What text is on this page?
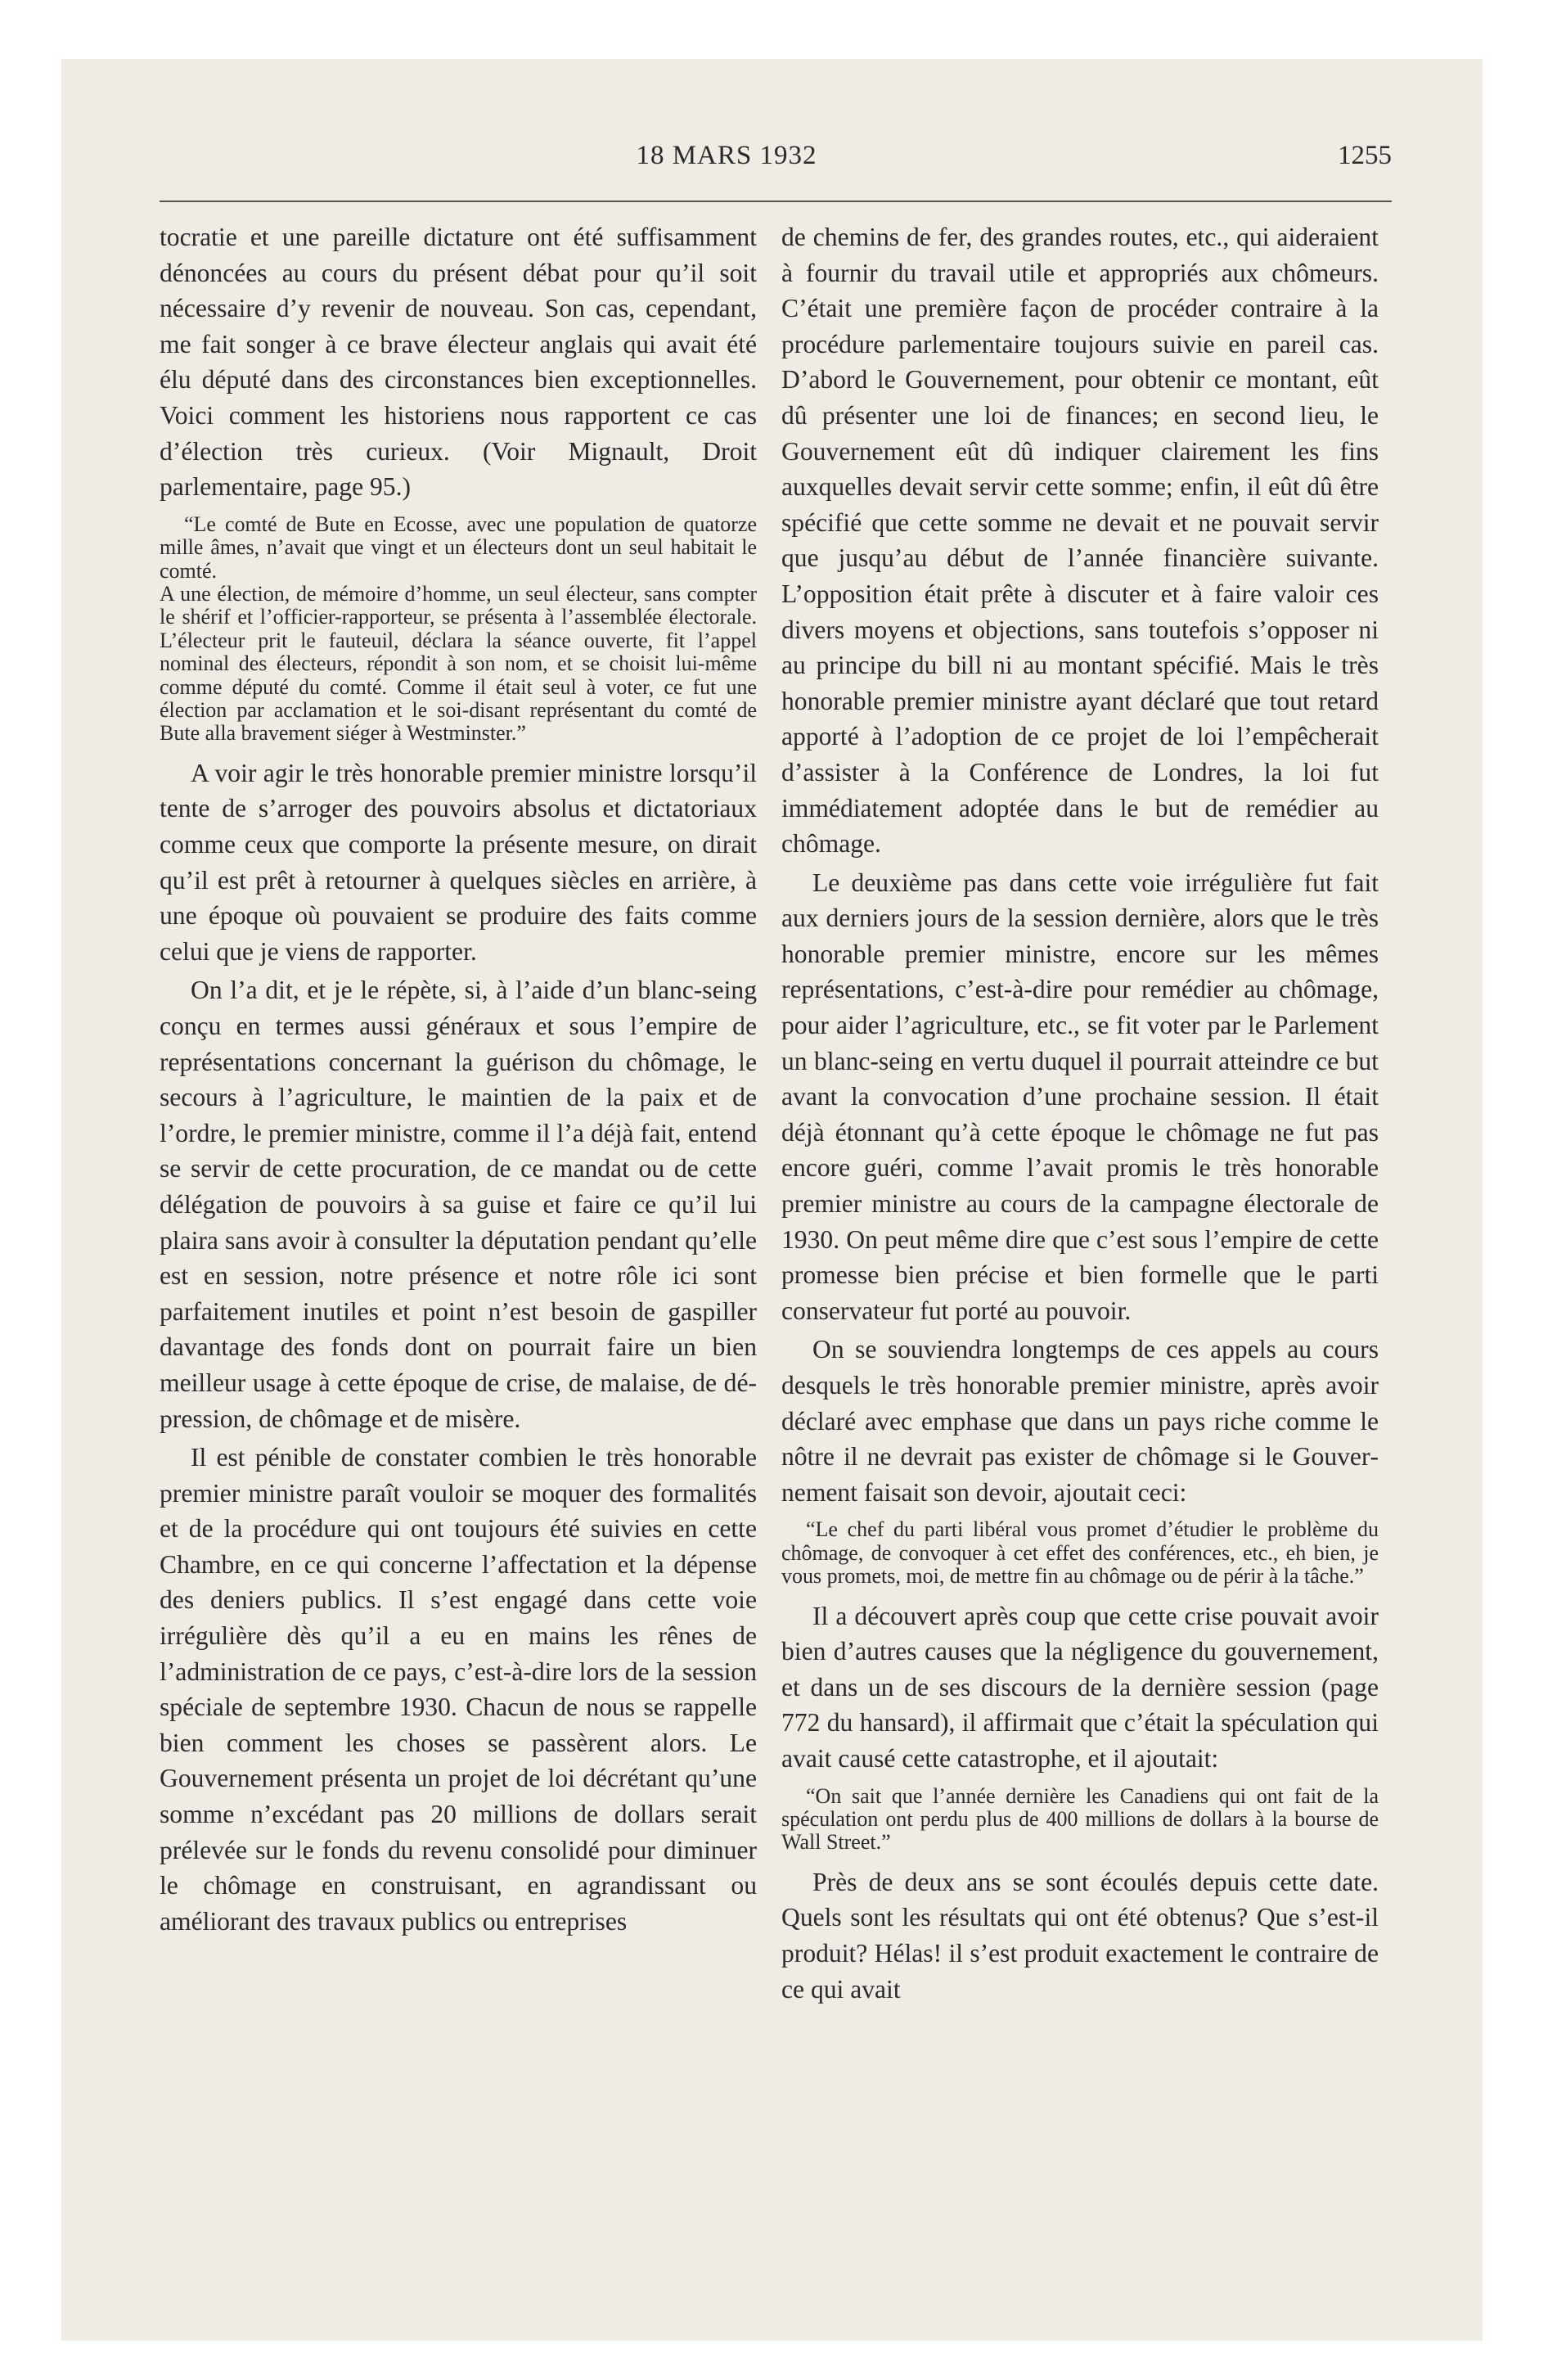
18 MARS 1932	1255

tocratie et une pareille dictature ont été suffisamment dénoncées au cours du présent débat pour qu’il soit nécessaire d’y revenir de nouveau. Son cas, cependant, me fait songer à ce brave électeur anglais qui avait été élu député dans des circonstances bien exceptionnelles. Voici comment les historiens nous rapportent ce cas d’élection très curieux. (Voir Mignault, Droit parlementaire, page 95.)

“Le comté de Bute en Ecosse, avec une population de quatorze mille âmes, n’avait que vingt et un électeurs dont un seul habitait le comté.

A une élection, de mémoire d’homme, un seul électeur, sans compter le shérif et l’officier-rapporteur, se présenta à l’assemblée électorale. L’électeur prit le fauteuil, déclara la séance ouverte, fit l’appel nominal des électeurs, répondit à son nom, et se choisit lui-même comme député du comté. Comme il était seul à voter, ce fut une élection par acclamation et le soi-disant représentant du comté de Bute alla bravement siéger à Westminster.”

A voir agir le très honorable premier ministre lorsqu’il tente de s’arroger des pouvoirs absolus et dictatoriaux comme ceux que comporte la présente mesure, on dirait qu’il est prêt à retourner à quelques siècles en arrière, à une époque où pouvaient se produire des faits comme celui que je viens de rapporter.

On l’a dit, et je le répète, si, à l’aide d’un blanc-seing conçu en termes aussi généraux et sous l’empire de représentations concernant la guérison du chômage, le secours à l’agriculture, le maintien de la paix et de l’ordre, le premier ministre, comme il l’a déjà fait, entend se servir de cette procuration, de ce mandat ou de cette délégation de pouvoirs à sa guise et faire ce qu’il lui plaira sans avoir à consulter la députation pendant qu’elle est en session, notre présence et notre rôle ici sont parfaitement inutiles et point n’est besoin de gaspiller davantage des fonds dont on pourrait faire un bien meilleur usage à cette époque de crise, de malaise, de dépression, de chômage et de misère.

Il est pénible de constater combien le très honorable premier ministre paraît vouloir se moquer des formalités et de la procédure qui ont toujours été suivies en cette Chambre, en ce qui concerne l’affectation et la dépense des deniers publics. Il s’est engagé dans cette voie irrégulière dès qu’il a eu en mains les rênes de l’administration de ce pays, c’est-à-dire lors de la session spéciale de septembre 1930. Chacun de nous se rappelle bien comment les choses se passèrent alors. Le Gouvernement présenta un projet de loi décrétant qu’une somme n’excédant pas 20 millions de dollars serait prélevée sur le fonds du revenu consolidé pour diminuer le chômage en construisant, en agrandissant ou améliorant des travaux publics ou entreprises

de chemins de fer, des grandes routes, etc., qui aideraient à fournir du travail utile et appropriés aux chômeurs. C’était une première façon de procéder contraire à la procédure parlementaire toujours suivie en pareil cas. D’abord le Gouvernement, pour obtenir ce montant, eût dû présenter une loi de finances; en second lieu, le Gouvernement eût dû indiquer clairement les fins auxquelles devait servir cette somme; enfin, il eût dû être spécifié que cette somme ne devait et ne pouvait servir que jusqu’au début de l’année financière suivante. L’opposition était prête à discuter et à faire valoir ces divers moyens et objections, sans toutefois s’opposer ni au principe du bill ni au montant spécifié. Mais le très honorable premier ministre ayant déclaré que tout retard apporté à l’adoption de ce projet de loi l’empêcherait d’assister à la Conférence de Londres, la loi fut immédiatement adoptée dans le but de remédier au chômage.

Le deuxième pas dans cette voie irrégulière fut fait aux derniers jours de la session dernière, alors que le très honorable premier ministre, encore sur les mêmes représentations, c’est-à-dire pour remédier au chômage, pour aider l’agriculture, etc., se fit voter par le Parlement un blanc-seing en vertu duquel il pourrait atteindre ce but avant la convocation d’une prochaine session. Il était déjà étonnant qu’à cette époque le chômage ne fut pas encore guéri, comme l’avait promis le très honorable premier ministre au cours de la campagne électorale de 1930. On peut même dire que c’est sous l’empire de cette promesse bien précise et bien formelle que le parti conservateur fut porté au pouvoir.

On se souviendra longtemps de ces appels au cours desquels le très honorable premier ministre, après avoir déclaré avec emphase que dans un pays riche comme le nôtre il ne devrait pas exister de chômage si le Gouvernement faisait son devoir, ajoutait ceci:

“Le chef du parti libéral vous promet d’étudier le problème du chômage, de convoquer à cet effet des conférences, etc., eh bien, je vous promets, moi, de mettre fin au chômage ou de périr à la tâche.”

Il a découvert après coup que cette crise pouvait avoir bien d’autres causes que la négligence du gouvernement, et dans un de ses discours de la dernière session (page 772 du hansard), il affirmait que c’était la spéculation qui avait causé cette catastrophe, et il ajoutait:

“On sait que l’année dernière les Canadiens qui ont fait de la spéculation ont perdu plus de 400 millions de dollars à la bourse de Wall Street.”

Près de deux ans se sont écoulés depuis cette date. Quels sont les résultats qui ont été obtenus? Que s’est-il produit? Hélas! il s’est produit exactement le contraire de ce qui avait
